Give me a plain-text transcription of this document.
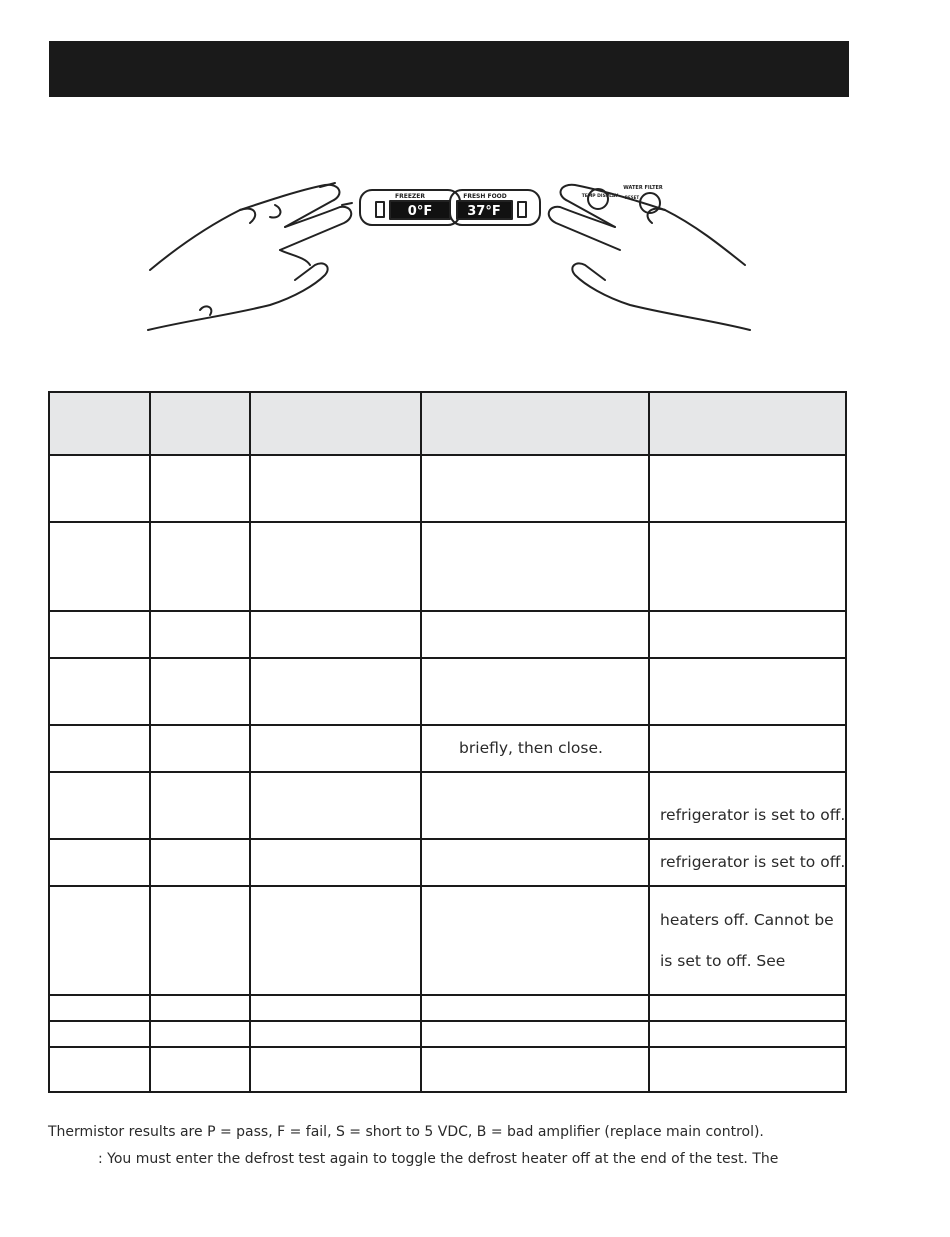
FREEZER
0°F
FRESH FOOD
37°F
TEMP DISPLAY
WATER FILTER
RESET

			briefly, then close.	

				refrigerator is set to off.

				refrigerator is set to off.

				heaters off. Cannot be
is set to off. See

Thermistor results are P = pass, F = fail, S = short to 5 VDC, B = bad amplifier (replace main control).
: You must enter the defrost test again to toggle the defrost heater off at the end of the test. The
